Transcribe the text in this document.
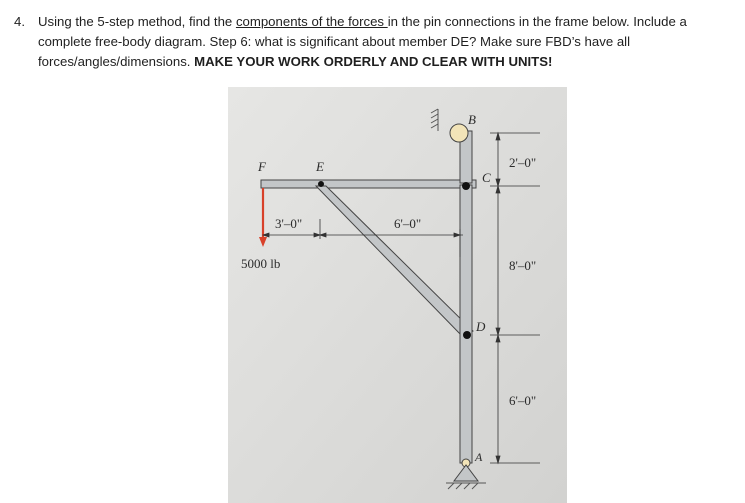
4. Using the 5-step method, find the components of the forces in the pin connections in the frame below. Include a complete free-body diagram. Step 6: what is significant about member DE? Make sure FBD’s have all forces/angles/dimensions. MAKE YOUR WORK ORDERLY AND CLEAR WITH UNITS!
B
C
D
A
E
F	2'–0"
8'–0"
6'–0"
3'–0"	6'–0"
5000 lb
